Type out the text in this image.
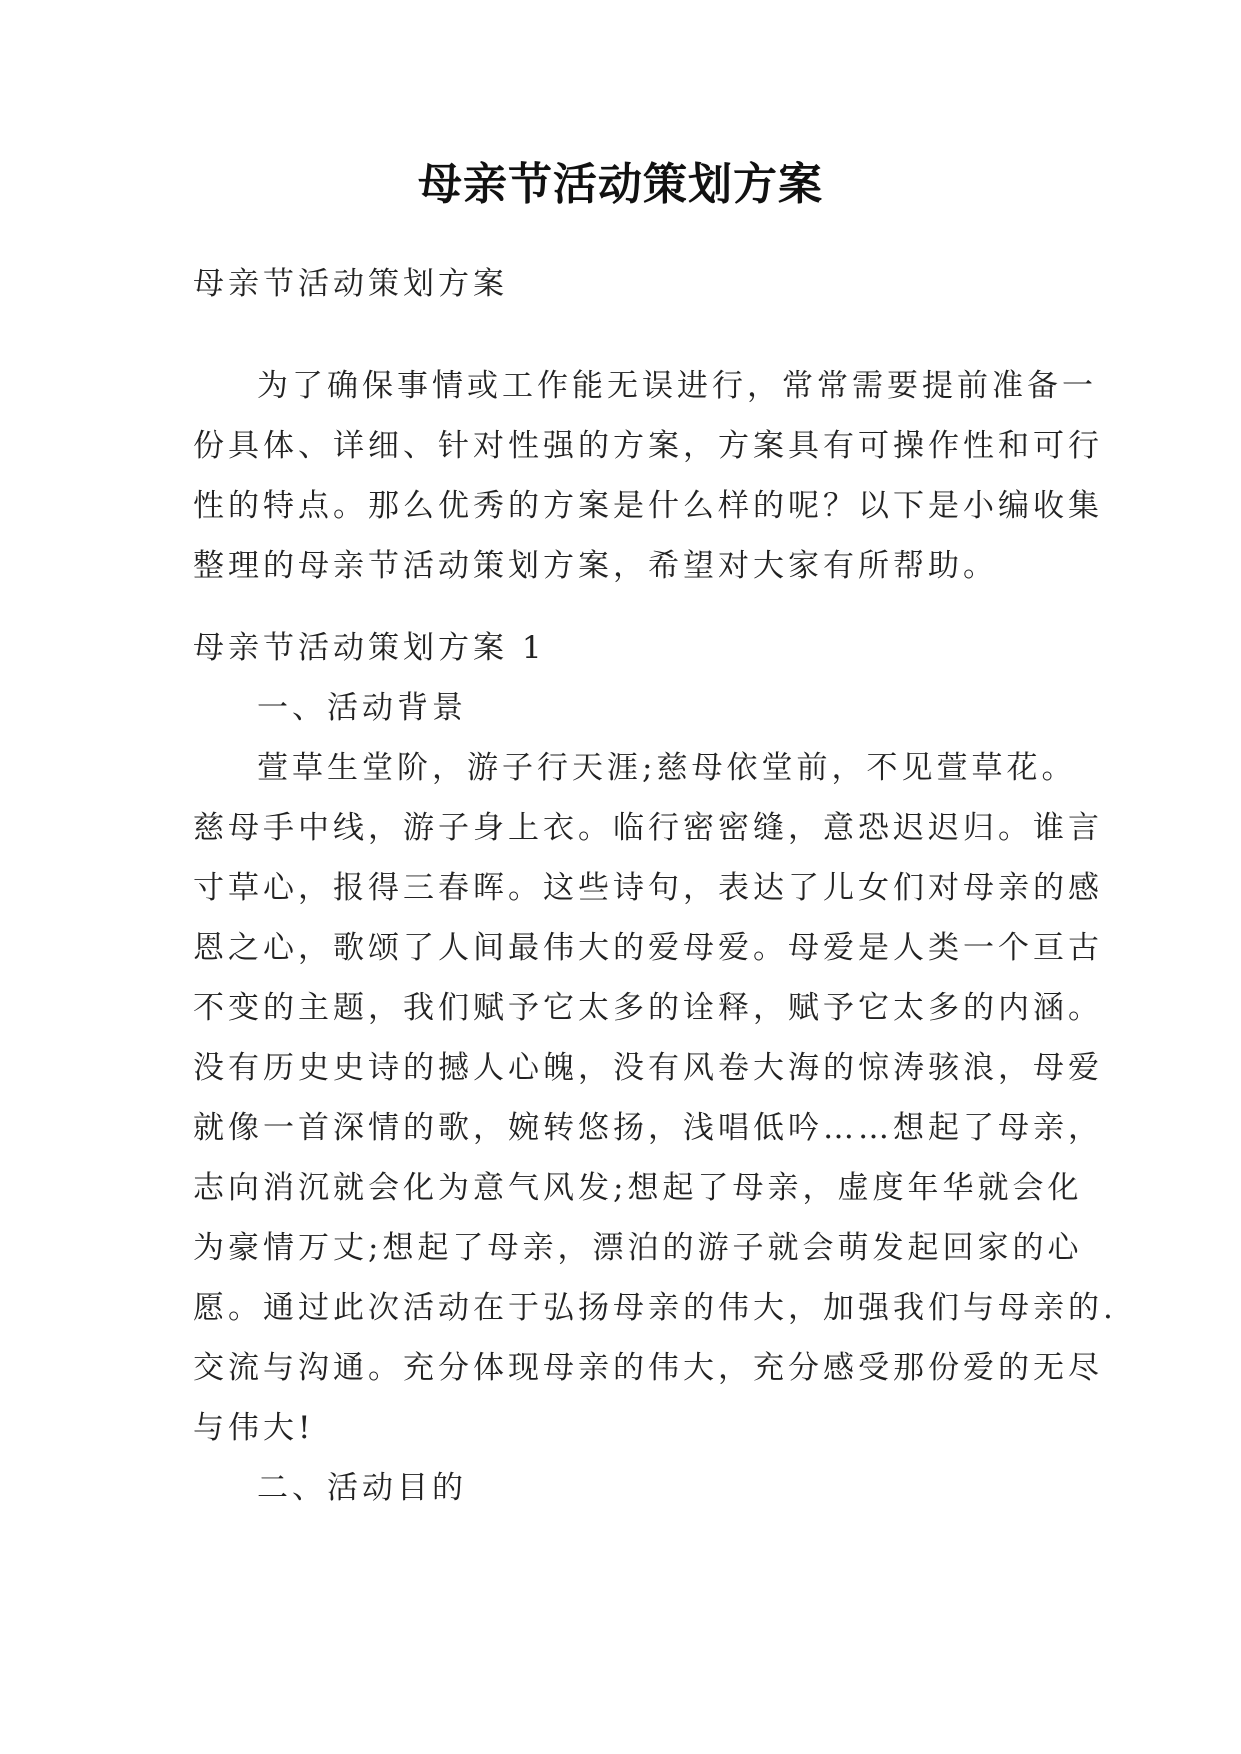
母亲节活动策划方案
母亲节活动策划方案
为了确保事情或工作能无误进行，常常需要提前准备一
份具体、详细、针对性强的方案，方案具有可操作性和可行
性的特点。那么优秀的方案是什么样的呢？以下是小编收集
整理的母亲节活动策划方案，希望对大家有所帮助。
母亲节活动策划方案 1
一、活动背景
萱草生堂阶，游子行天涯;慈母依堂前，不见萱草花。
慈母手中线，游子身上衣。临行密密缝，意恐迟迟归。谁言
寸草心，报得三春晖。这些诗句，表达了儿女们对母亲的感
恩之心，歌颂了人间最伟大的爱母爱。母爱是人类一个亘古
不变的主题，我们赋予它太多的诠释，赋予它太多的内涵。
没有历史史诗的撼人心魄，没有风卷大海的惊涛骇浪，母爱
就像一首深情的歌，婉转悠扬，浅唱低吟……想起了母亲，
志向消沉就会化为意气风发;想起了母亲，虚度年华就会化
为豪情万丈;想起了母亲，漂泊的游子就会萌发起回家的心
愿。通过此次活动在于弘扬母亲的伟大，加强我们与母亲的.
交流与沟通。充分体现母亲的伟大，充分感受那份爱的无尽
与伟大!
二、活动目的
